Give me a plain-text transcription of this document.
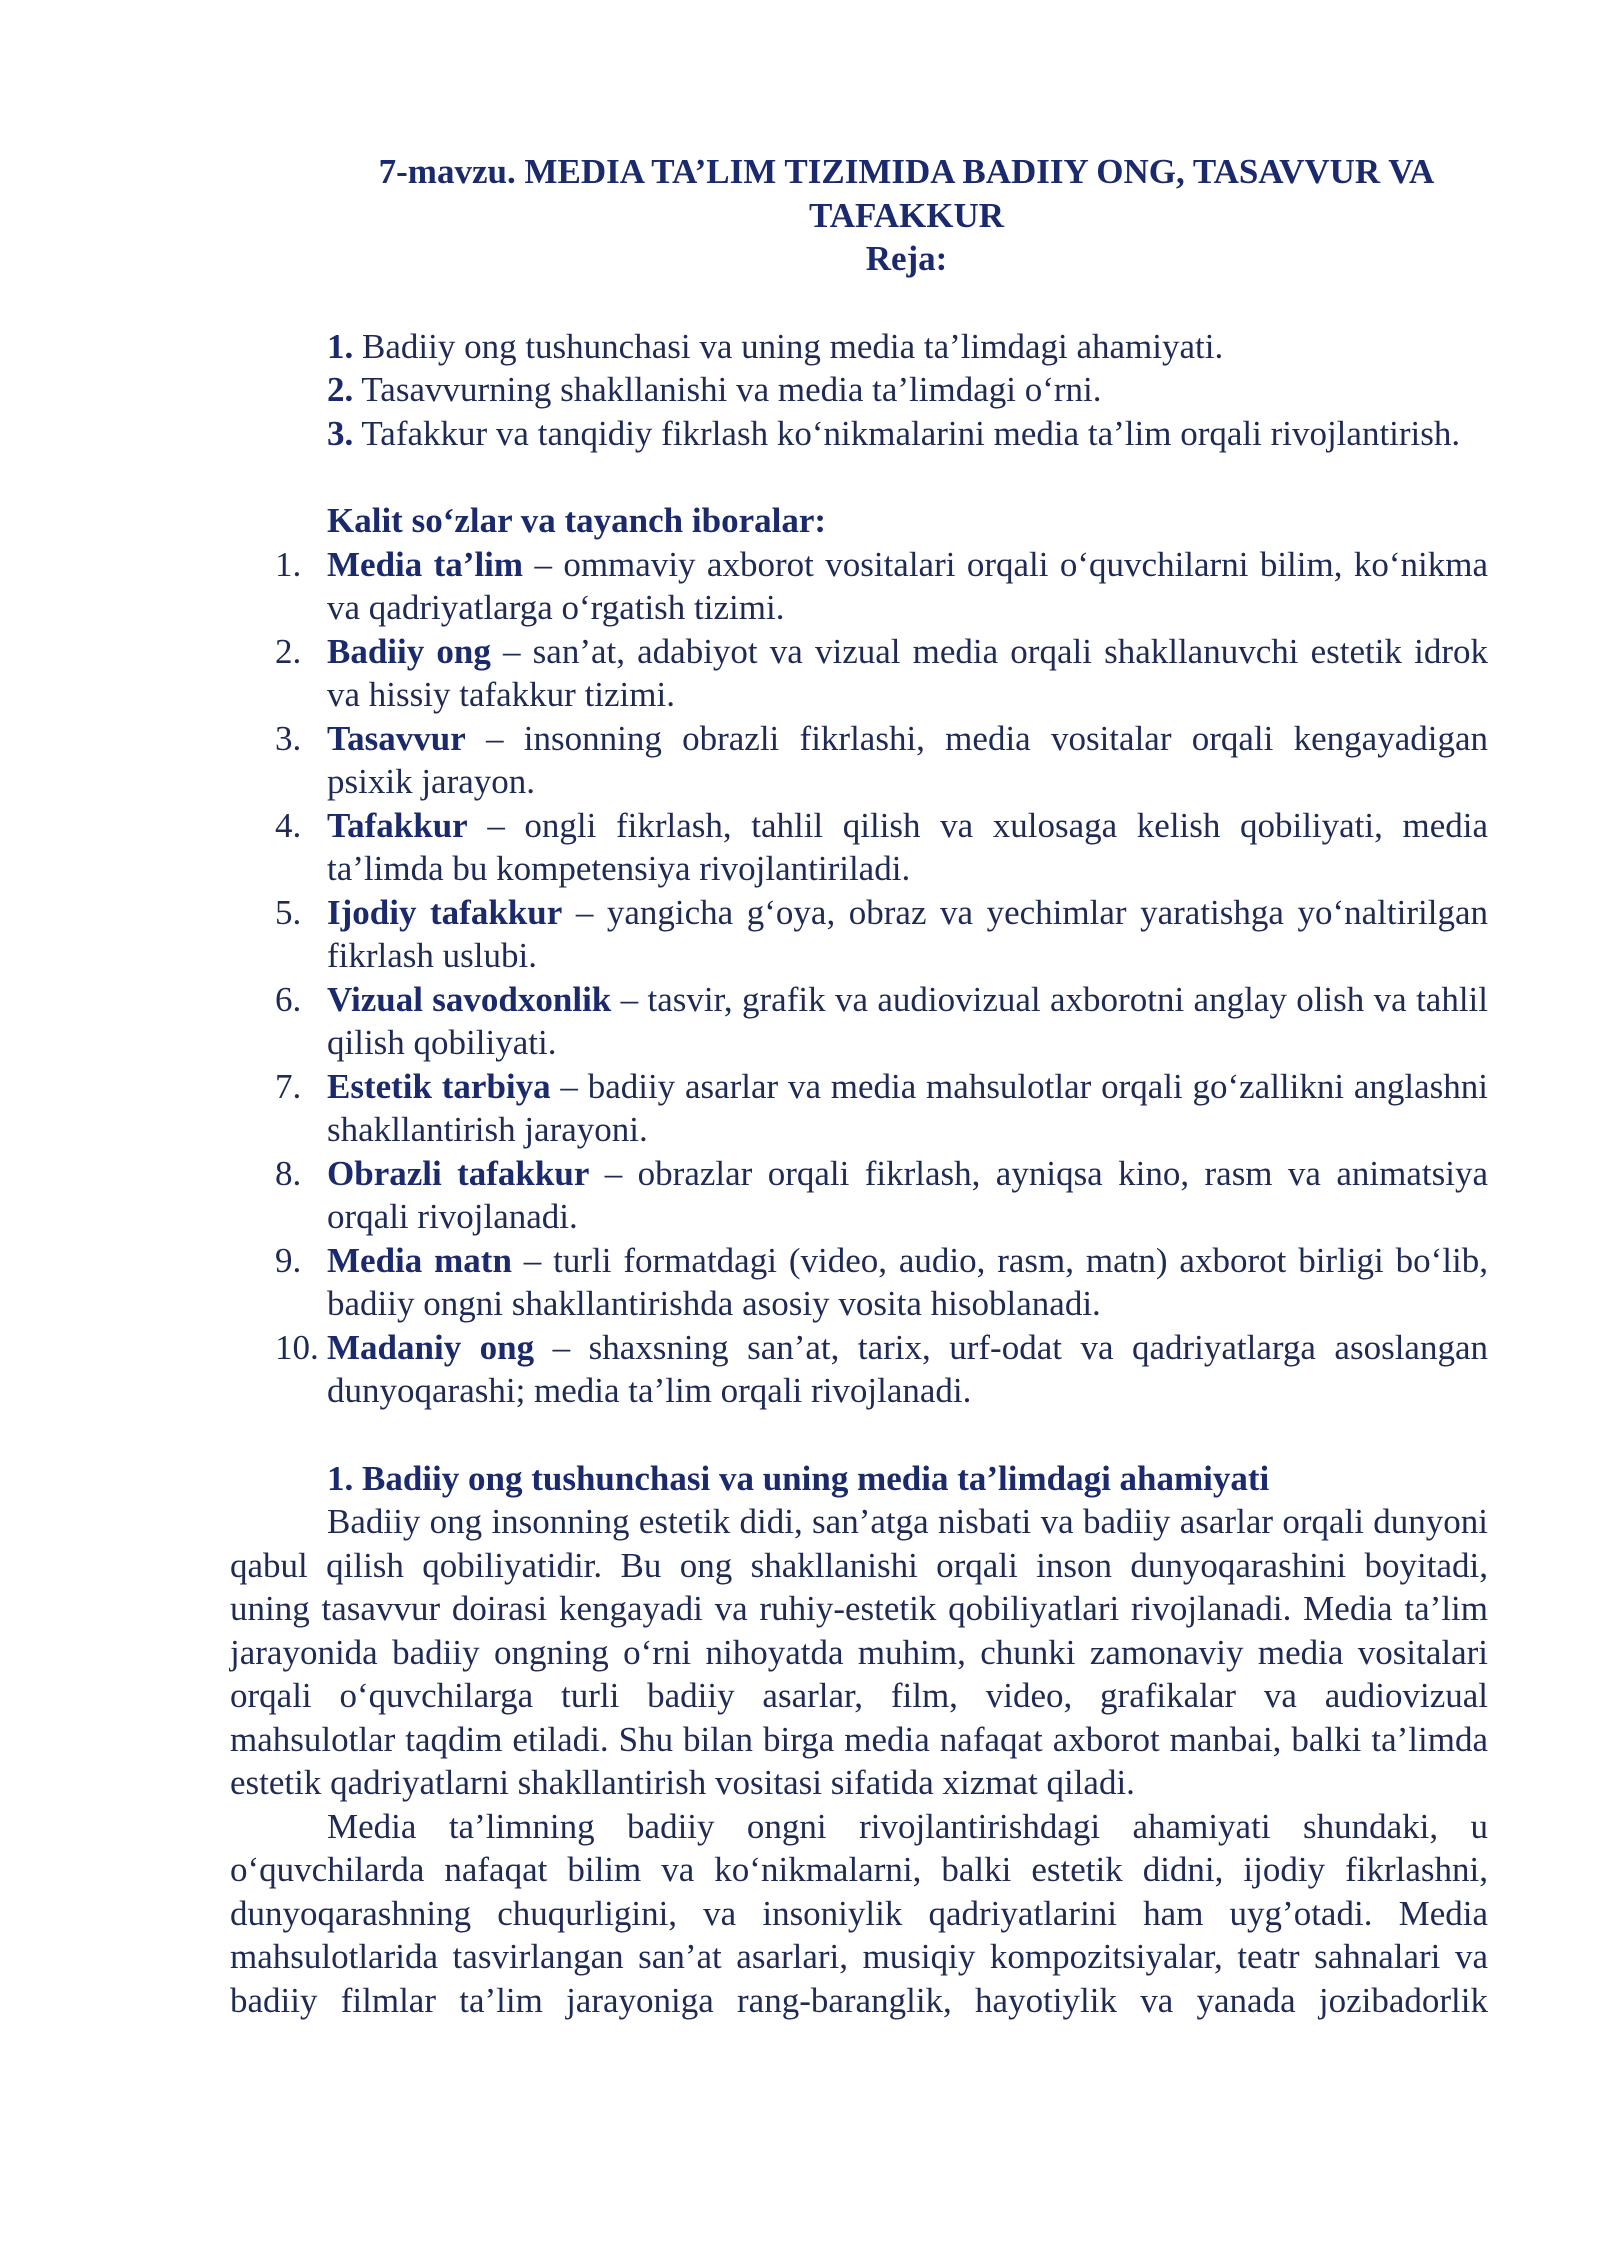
7-mavzu. MEDIA TA’LIM TIZIMIDA BADIIY ONG, TASAVVUR VA
TAFAKKUR
Reja:

1. Badiiy ong tushunchasi va uning media ta’limdagi ahamiyati.

2. Tasavvurning shakllanishi va media ta’limdagi o‘rni.

3. Tafakkur va tanqidiy fikrlash ko‘nikmalarini media ta’lim orqali rivojlantirish.

Kalit so‘zlar va tayanch iboralar:
1. Media ta’lim – ommaviy axborot vositalari orqali o‘quvchilarni bilim, ko‘nikma va qadriyatlarga o‘rgatish tizimi.
2. Badiiy ong – san’at, adabiyot va vizual media orqali shakllanuvchi estetik idrok va hissiy tafakkur tizimi.
3. Tasavvur – insonning obrazli fikrlashi, media vositalar orqali kengayadigan psixik jarayon.
4. Tafakkur – ongli fikrlash, tahlil qilish va xulosaga kelish qobiliyati, media ta’limda bu kompetensiya rivojlantiriladi.
5. Ijodiy tafakkur – yangicha g‘oya, obraz va yechimlar yaratishga yo‘naltirilgan fikrlash uslubi.
6. Vizual savodxonlik – tasvir, grafik va audiovizual axborotni anglay olish va tahlil qilish qobiliyati.
7. Estetik tarbiya – badiiy asarlar va media mahsulotlar orqali go‘zallikni anglashni shakllantirish jarayoni.
8. Obrazli tafakkur – obrazlar orqali fikrlash, ayniqsa kino, rasm va animatsiya orqali rivojlanadi.
9. Media matn – turli formatdagi (video, audio, rasm, matn) axborot birligi bo‘lib, badiiy ongni shakllantirishda asosiy vosita hisoblanadi.
10. Madaniy ong – shaxsning san’at, tarix, urf-odat va qadriyatlarga asoslangan dunyoqarashi; media ta’lim orqali rivojlanadi.
1. Badiiy ong tushunchasi va uning media ta’limdagi ahamiyati

Badiiy ong insonning estetik didi, san’atga nisbati va badiiy asarlar orqali dunyoni qabul qilish qobiliyatidir. Bu ong shakllanishi orqali inson dunyoqarashini boyitadi, uning tasavvur doirasi kengayadi va ruhiy-estetik qobiliyatlari rivojlanadi. Media ta’lim jarayonida badiiy ongning o‘rni nihoyatda muhim, chunki zamonaviy media vositalari orqali o‘quvchilarga turli badiiy asarlar, film, video, grafikalar va audiovizual mahsulotlar taqdim etiladi. Shu bilan birga media nafaqat axborot manbai, balki ta’limda estetik qadriyatlarni shakllantirish vositasi sifatida xizmat qiladi.

Media ta’limning badiiy ongni rivojlantirishdagi ahamiyati shundaki, u o‘quvchilarda nafaqat bilim va ko‘nikmalarni, balki estetik didni, ijodiy fikrlashni, dunyoqarashning chuqurligini, va insoniylik qadriyatlarini ham uyg’otadi. Media mahsulotlarida tasvirlangan san’at asarlari, musiqiy kompozitsiyalar, teatr sahnalari va badiiy filmlar ta’lim jarayoniga rang-baranglik, hayotiylik va yanada jozibadorlik
